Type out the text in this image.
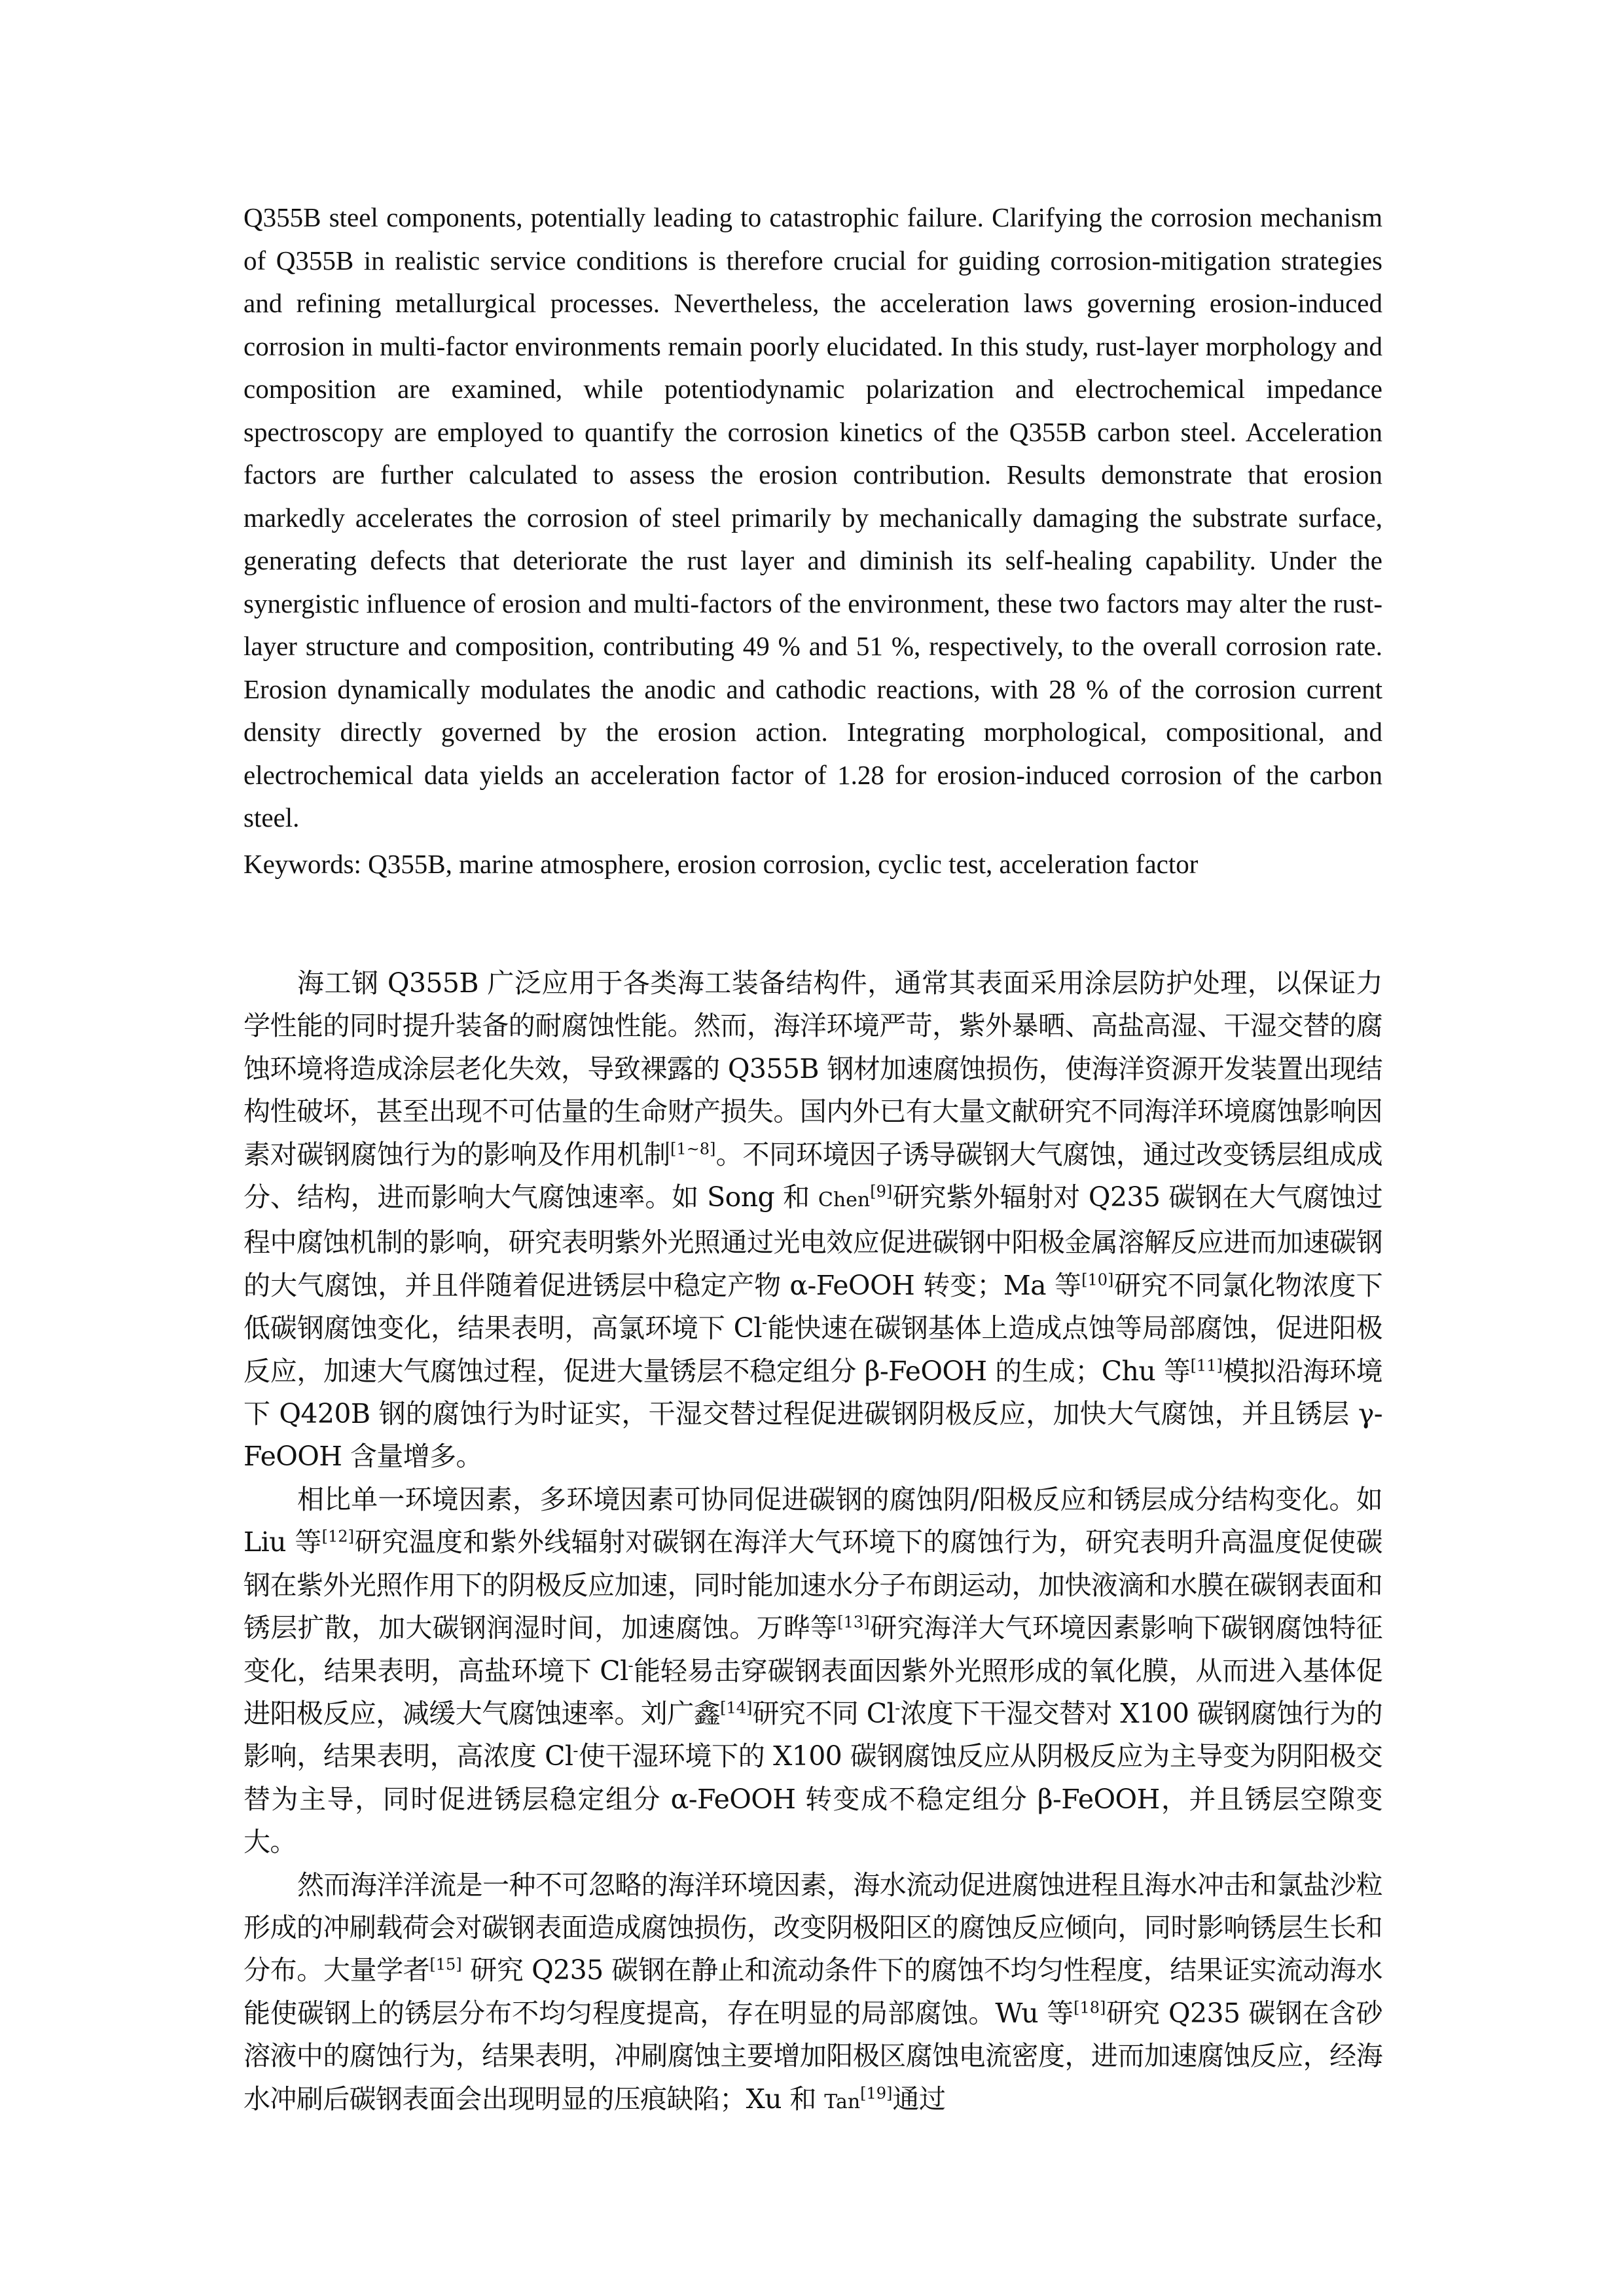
Q355B steel components, potentially leading to catastrophic failure. Clarifying the corrosion mechanism of Q355B in realistic service conditions is therefore crucial for guiding corrosion-mitigation strategies and refining metallurgical processes. Nevertheless, the acceleration laws governing erosion-induced corrosion in multi-factor environments remain poorly elucidated. In this study, rust-layer morphology and composition are examined, while potentiodynamic polarization and electrochemical impedance spectroscopy are employed to quantify the corrosion kinetics of the Q355B carbon steel. Acceleration factors are further calculated to assess the erosion contribution. Results demonstrate that erosion markedly accelerates the corrosion of steel primarily by mechanically damaging the substrate surface, generating defects that deteriorate the rust layer and diminish its self-healing capability. Under the synergistic influence of erosion and multi-factors of the environment, these two factors may alter the rust-layer structure and composition, contributing 49 % and 51 %, respectively, to the overall corrosion rate. Erosion dynamically modulates the anodic and cathodic reactions, with 28 % of the corrosion current density directly governed by the erosion action. Integrating morphological, compositional, and electrochemical data yields an acceleration factor of 1.28 for erosion-induced corrosion of the carbon steel.

Keywords: Q355B, marine atmosphere, erosion corrosion, cyclic test, acceleration factor

海工钢 Q355B 广泛应用于各类海工装备结构件，通常其表面采用涂层防护处理，以保证力学性能的同时提升装备的耐腐蚀性能。然而，海洋环境严苛，紫外暴晒、高盐高湿、干湿交替的腐蚀环境将造成涂层老化失效，导致裸露的 Q355B 钢材加速腐蚀损伤，使海洋资源开发装置出现结构性破坏，甚至出现不可估量的生命财产损失。国内外已有大量文献研究不同海洋环境腐蚀影响因素对碳钢腐蚀行为的影响及作用机制[1~8]。不同环境因子诱导碳钢大气腐蚀，通过改变锈层组成成分、结构，进而影响大气腐蚀速率。如 Song 和 Chen[9]研究紫外辐射对 Q235 碳钢在大气腐蚀过程中腐蚀机制的影响，研究表明紫外光照通过光电效应促进碳钢中阳极金属溶解反应进而加速碳钢的大气腐蚀，并且伴随着促进锈层中稳定产物 α-FeOOH 转变；Ma 等[10]研究不同氯化物浓度下低碳钢腐蚀变化，结果表明，高氯环境下 Cl-能快速在碳钢基体上造成点蚀等局部腐蚀，促进阳极反应，加速大气腐蚀过程，促进大量锈层不稳定组分 β-FeOOH 的生成；Chu 等[11]模拟沿海环境下 Q420B 钢的腐蚀行为时证实，干湿交替过程促进碳钢阴极反应，加快大气腐蚀，并且锈层 γ-FeOOH 含量增多。

相比单一环境因素，多环境因素可协同促进碳钢的腐蚀阴/阳极反应和锈层成分结构变化。如 Liu 等[12]研究温度和紫外线辐射对碳钢在海洋大气环境下的腐蚀行为，研究表明升高温度促使碳钢在紫外光照作用下的阴极反应加速，同时能加速水分子布朗运动，加快液滴和水膜在碳钢表面和锈层扩散，加大碳钢润湿时间，加速腐蚀。万晔等[13]研究海洋大气环境因素影响下碳钢腐蚀特征变化，结果表明，高盐环境下 Cl-能轻易击穿碳钢表面因紫外光照形成的氧化膜，从而进入基体促进阳极反应，减缓大气腐蚀速率。刘广鑫[14]研究不同 Cl-浓度下干湿交替对 X100 碳钢腐蚀行为的影响，结果表明，高浓度 Cl-使干湿环境下的 X100 碳钢腐蚀反应从阴极反应为主导变为阴阳极交替为主导，同时促进锈层稳定组分 α-FeOOH 转变成不稳定组分 β-FeOOH，并且锈层空隙变大。

然而海洋洋流是一种不可忽略的海洋环境因素，海水流动促进腐蚀进程且海水冲击和氯盐沙粒形成的冲刷载荷会对碳钢表面造成腐蚀损伤，改变阴极阳区的腐蚀反应倾向，同时影响锈层生长和分布。大量学者[15] 研究 Q235 碳钢在静止和流动条件下的腐蚀不均匀性程度，结果证实流动海水能使碳钢上的锈层分布不均匀程度提高，存在明显的局部腐蚀。Wu 等[18]研究 Q235 碳钢在含砂溶液中的腐蚀行为，结果表明，冲刷腐蚀主要增加阳极区腐蚀电流密度，进而加速腐蚀反应，经海水冲刷后碳钢表面会出现明显的压痕缺陷；Xu 和 Tan[19]通过
